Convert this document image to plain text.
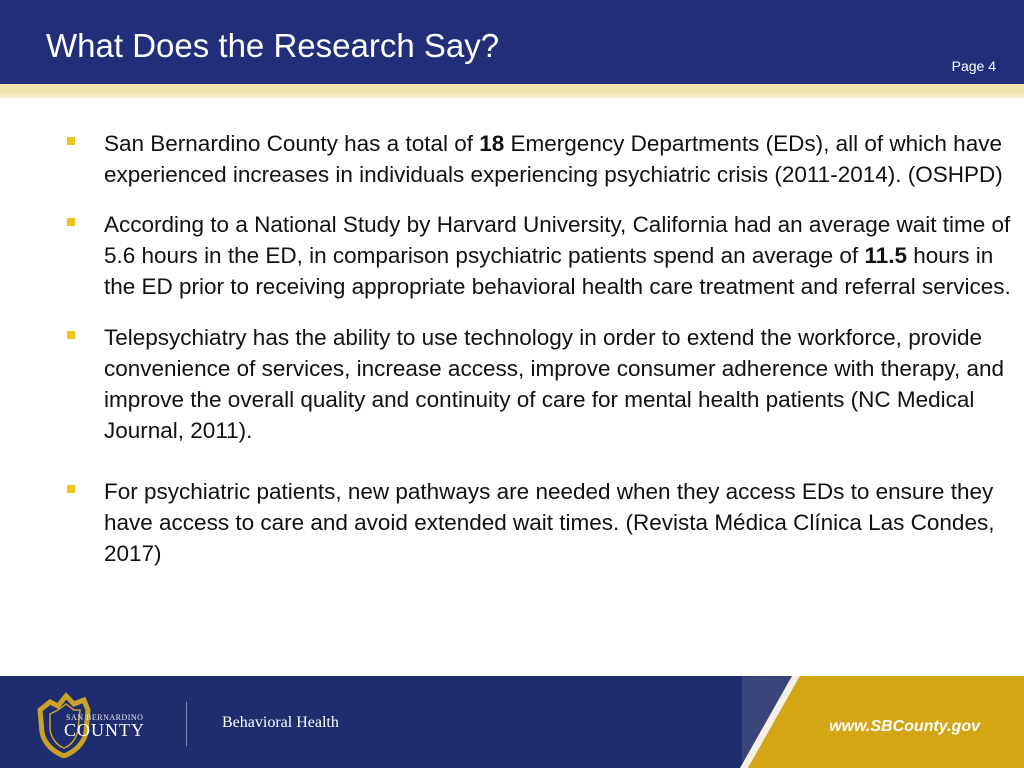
What Does the Research Say?
Page 4
San Bernardino County has a total of 18 Emergency Departments (EDs), all of which have experienced increases in individuals experiencing psychiatric crisis (2011-2014). (OSHPD)
According to a National Study by Harvard University, California had an average wait time of 5.6 hours in the ED, in comparison psychiatric patients spend an average of 11.5 hours in the ED prior to receiving appropriate behavioral health care treatment and referral services.
Telepsychiatry has the ability to use technology in order to extend the workforce, provide convenience of services, increase access, improve consumer adherence with therapy, and improve the overall quality and continuity of care for mental health patients (NC Medical Journal, 2011).
For psychiatric patients, new pathways are needed when they access EDs to ensure they have access to care and avoid extended wait times. (Revista Médica Clínica Las Condes, 2017)
SAN BERNARDINO
COUNTY	Behavioral Health	www.SBCounty.gov
